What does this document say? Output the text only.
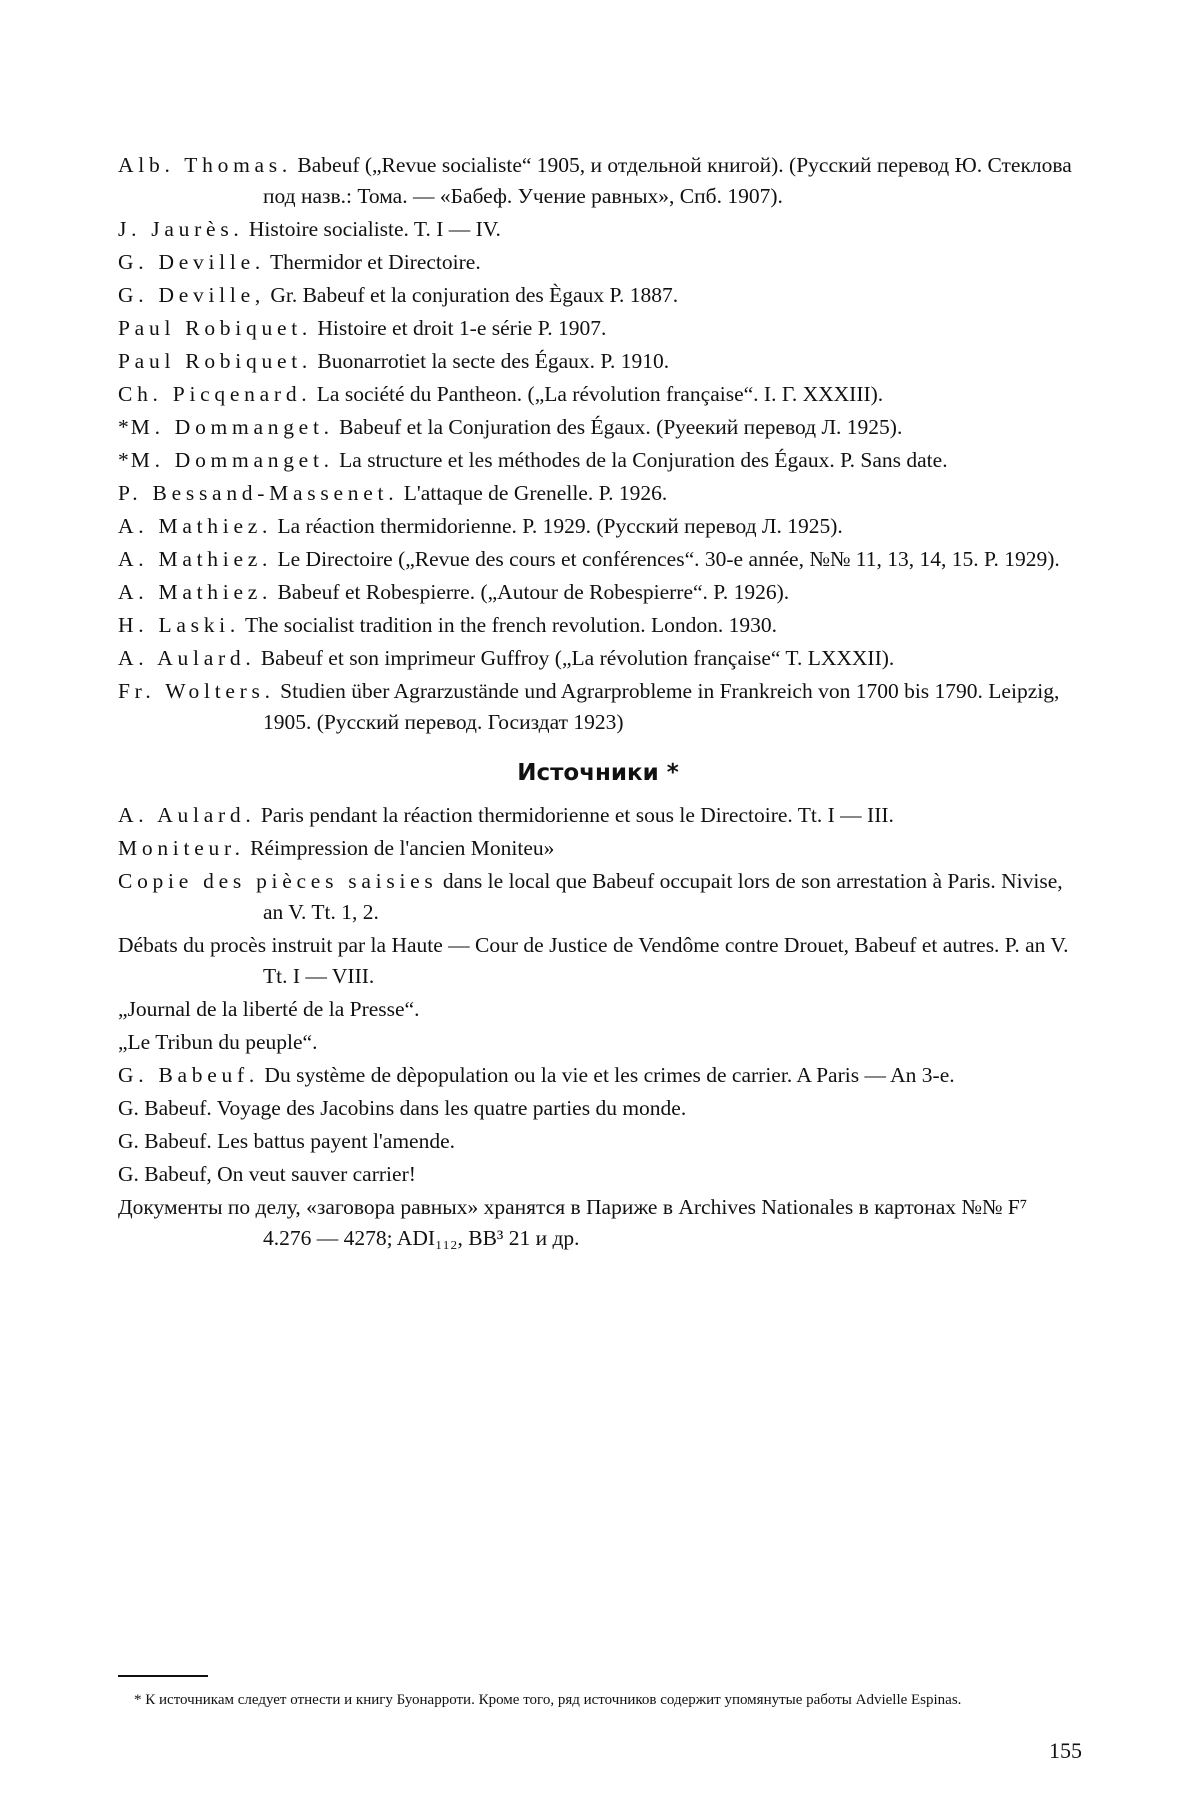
Alb. Thomas. Babeuf („Revue socialiste“ 1905, и отдельной книгой). (Русский перевод Ю. Стеклова под назв.: Тома. — «Бабеф. Учение равных», Спб. 1907).
J. Jaurès. Histoire socialiste. T. I — IV.
G. Deville. Thermidor et Directoire.
G. Deville, Gr. Babeuf et la conjuration des Ègaux P. 1887.
Paul Robiquet. Histoire et droit 1-e série P. 1907.
Paul Robiquet. Buonarrotiet la secte des Égaux. P. 1910.
Ch. Picqenard. La société du Pantheon. („La révolution française“. I. Г. XXXIII).
*M. Dommanget. Babeuf et la Conjuration des Égaux. (Руеекий перевод Л. 1925).
*M. Dommanget. La structure et les méthodes de la Conjuration des Égaux. P. Sans date.
P. Bessand-Massenet. L'attaque de Grenelle. P. 1926.
A. Mathiez. La réaction thermidorienne. P. 1929. (Русский перевод Л. 1925).
A. Mathiez. Le Directoire („Revue des cours et conférences“. 30-е année, №№ 11, 13, 14, 15. P. 1929).
A. Mathiez. Babeuf et Robespierre. („Autour de Robespierre“. P. 1926).
H. Laski. The socialist tradition in the french revolution. London. 1930.
A. Aulard. Babeuf et son imprimeur Guffroy („La révolution française“ T. LXXXII).
Fr. Wolters. Studien über Agrarzustände und Agrarprobleme in Frankreich von 1700 bis 1790. Leipzig, 1905. (Русский перевод. Госиздат 1923)
Источники *
A. Aulard. Paris pendant la réaction thermidorienne et sous le Directoire. Tt. I — III.
Moniteur. Réimpression de l'ancien Moniteu»
Copie des pièces saisies dans le local que Babeuf occupait lors de son arrestation à Paris. Nivise, an V. Tt. 1, 2.
Débats du procès instruit par la Haute — Cour de Justice de Vendôme contre Drouet, Babeuf et autres. P. an V. Tt. I — VIII.
„Journal de la liberté de la Presse“.
„Le Tribun du peuple“.
G. Babeuf. Du système de dèpopulation ou la vie et les crimes de carrier. A Paris — An 3-е.
G. Babeuf. Voyage des Jacobins dans les quatre parties du monde.
G. Babeuf. Les battus payent l'amende.
G. Babeuf, On veut sauver carrier!
Документы по делу, «заговора равных» хранятся в Париже в Archives Nationales в картонах №№ F⁷ 4.276 — 4278; ADI₁₁₂, BB³ 21 и др.
* К источникам следует отнести и книгу Буонарроти. Кроме того, ряд источников содержит упомянутые работы Advielle Espinas.
155
